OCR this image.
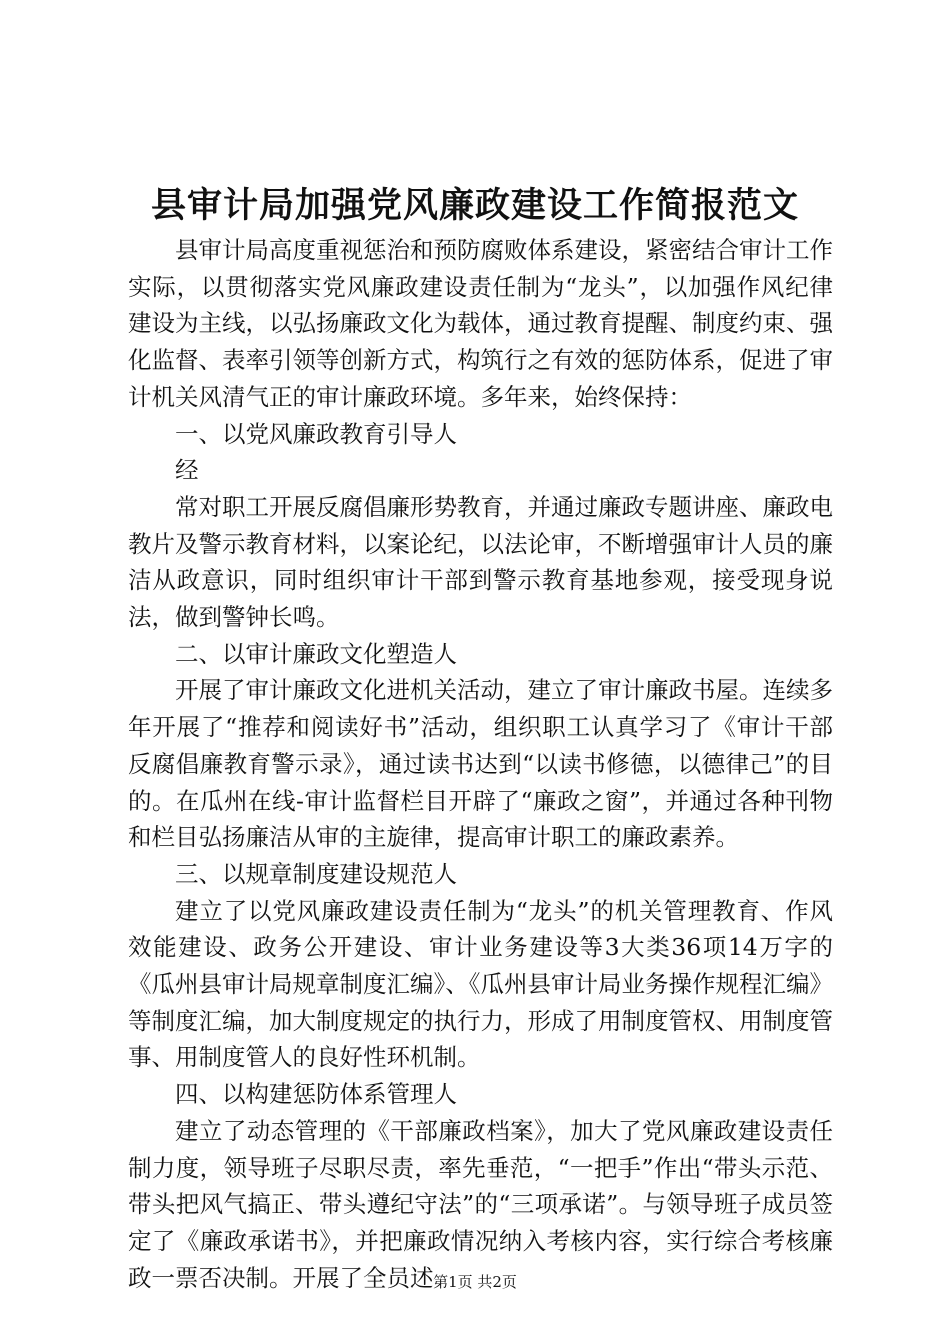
县审计局加强党风廉政建设工作简报范文

县审计局高度重视惩治和预防腐败体系建设，紧密结合审计工作实际，以贯彻落实党风廉政建设责任制为“龙头”，以加强作风纪律建设为主线，以弘扬廉政文化为载体，通过教育提醒、制度约束、强化监督、表率引领等创新方式，构筑行之有效的惩防体系，促进了审计机关风清气正的审计廉政环境。多年来，始终保持：

一、以党风廉政教育引导人

经

常对职工开展反腐倡廉形势教育，并通过廉政专题讲座、廉政电教片及警示教育材料，以案论纪，以法论审，不断增强审计人员的廉洁从政意识，同时组织审计干部到警示教育基地参观，接受现身说法，做到警钟长鸣。

二、以审计廉政文化塑造人

开展了审计廉政文化进机关活动，建立了审计廉政书屋。连续多年开展了“推荐和阅读好书”活动，组织职工认真学习了《审计干部反腐倡廉教育警示录》，通过读书达到“以读书修德，以德律己”的目的。在瓜州在线-审计监督栏目开辟了“廉政之窗”，并通过各种刊物和栏目弘扬廉洁从审的主旋律，提高审计职工的廉政素养。

三、以规章制度建设规范人

建立了以党风廉政建设责任制为“龙头”的机关管理教育、作风效能建设、政务公开建设、审计业务建设等3大类36项14万字的《瓜州县审计局规章制度汇编》、《瓜州县审计局业务操作规程汇编》等制度汇编，加大制度规定的执行力，形成了用制度管权、用制度管事、用制度管人的良好性环机制。

四、以构建惩防体系管理人

建立了动态管理的《干部廉政档案》，加大了党风廉政建设责任制力度，领导班子尽职尽责，率先垂范，“一把手”作出“带头示范、带头把风气搞正、带头遵纪守法”的“三项承诺”。与领导班子成员签定了《廉政承诺书》，并把廉政情况纳入考核内容，实行综合考核廉政一票否决制。开展了全员述 第1页 共2页
